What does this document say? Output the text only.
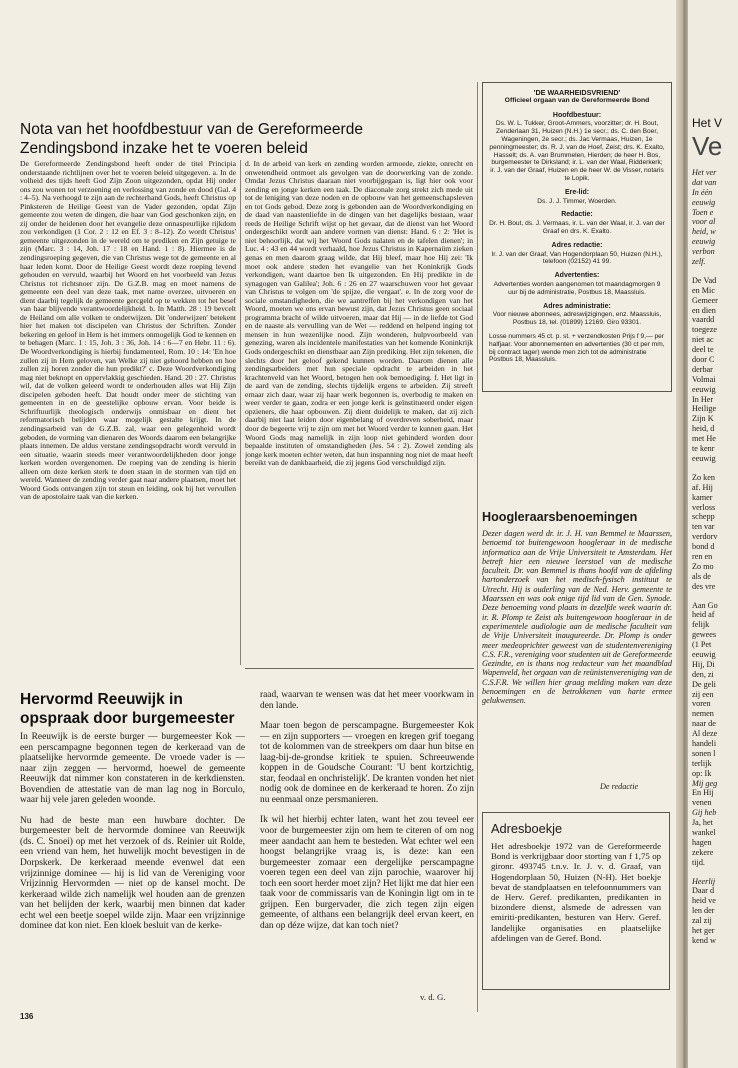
Nota van het hoofdbestuur van de Gereformeerde Zendingsbond inzake het te voeren beleid

De Gereformeerde Zendingsbond heeft onder de titel Principia onderstaande richtlijnen over het te voeren beleid uitgegeven. a. In de volheid des tijds heeft God Zijn Zoon uitgezonden, opdat Hij onder ons zou wonen tot verzoening en verlossing van zonde en dood (Gal. 4 : 4–5). Na verhoogd te zijn aan de rechterhand Gods, heeft Christus op Pinksteren de Heilige Geest van de Vader gezonden, opdat Zijn gemeente zou weten de dingen, die haar van God geschonken zijn, en zij onder de heidenen door het evangelie deze onnaspeurlijke rijkdom zou verkondigen (1 Cor. 2 : 12 en Ef. 3 : 8–12). Zo wordt Christus' gemeente uitgezonden in de wereld om te prediken en Zijn getuige te zijn (Marc. 3 : 14, Joh. 17 : 18 en Hand. 1 : 8). Hiermee is de zendingsroeping gegeven, die van Christus wege tot de gemeente en al haar leden komt. Door de Heilige Geest wordt deze roeping levend gehouden en vervuld, waarbij het Woord en het voorbeeld van Jezus Christus tot richtsnoer zijn. De G.Z.B. mag en moet namens de gemeente een deel van deze taak, met name overzee, uitvoeren en dient daarbij tegelijk de gemeente gercgeld op te wekken tot het besef van haar blijvende verantwoordelijkheid. b. In Matth. 28 : 19 bevcelt de Heiland om alle volken te onderwijzen. Dit 'onderwijzen' betekent hier het maken tot discipelen van Christus der Schriften. Zonder bekering en geloof in Hem is het immers onmogelijk God te kennen en te behagen (Marc. 1 : 15, Joh. 3 : 36, Joh. 14 : 6—7 en Hebr. 11 : 6). De Woordverkondiging is hierbij fundamenteel, Rom. 10 : 14: 'En hoe zullen zij in Hem geloven, van Welke zij niet gehoord hebben en hoe zullen zij horen zonder die hun predikt?' c. Deze Woordverkondiging mag niet beknopt en oppervlakkig geschieden. Hand. 20 : 27. Christus wil, dat de volken geleerd wordt te onderhouden alles wat Hij Zijn discipelen geboden heeft. Dat houdt onder meer de stichting van gemeenten in en de geestelijke opbouw ervan. Voor beide is Schriftuurlijk theologisch onderwijs onmisbaar en dient het reformatorisch belijden waar mogelijk gestalte krijgt. In de zendingsarbeid van de G.Z.B. zal, waar een gelegenheid wordt geboden, de vorming van dienaren des Woords daarom een belangrijke plaats innemen. De aldus verstane zendingsopdracht wordt vervuld in een situatie, waarin steeds meer verantwoordelijkheden door jonge kerken worden overgenomen. De roeping van de zending is hierin alleen om deze kerken sterk te doen staan in de stormen van tijd en wereld. Wanneer de zending verder gaat naar andere plaatsen, moet het Woord Gods ontvangen zijn tot steun en leiding, ook bij het vervullen van de apostolaire taak van die kerken.

d. In de arbeid van kerk en zending worden armoede, ziekte, onrecht en onwetendheid ontmoet als gevolgen van de doorwerking van de zonde. Omdat Jezus Christus daaraan niet voorbijgegaan is, ligt hier ook voor zending en jonge kerken een taak. De diaconale zorg strekt zich mede uit tot de leniging van deze noden en de opbouw van het gemeenschapsleven en tot Gods gebod. Deze zorg is gebonden aan de Woordverkondiging en de daad van naastenliefde in de dingen van het dagelijks bestaan, waar reeds de Heilige Schrift wijst op het gevaar, dat de dienst van het Woord ondergeschikt wordt aan andere vormen van dienst: Hand. 6 : 2: 'Het is niet behoorlijk, dat wij het Woord Gods nalaten en de tafelen dienen'; in Luc. 4 : 43 en 44 wordt verhaald, hoe Jezus Christus in Kapernaüm zieken genas en men daarom graag wilde, dat Hij bleef, maar hoe Hij zei: 'Ik moet ook andere steden het evangelie van het Koninkrijk Gods verkondigen, want daartoe ben Ik uitgezonden. En Hij predikte in de synagogen van Galilea'; Joh. 6 : 26 en 27 waarschuwen voor het gevaar van Christus te volgen om 'de spijze, die vergaat'. e. In de zorg voor de sociale omstandigheden, die we aantreffen bij het verkondigen van het Woord, moeten we ons ervan bewust zijn, dat Jezus Christus geen sociaal programma bracht of wilde uitvoeren, maar dat Hij — in de liefde tot God en de naaste als vervulling van de Wet — reddend en helpend inging tot mensen in hun wezenlijke nood. Zijn wonderen, hulpvoorbeeld van genezing, waren als incidentele manifestaties van het komende Koninkrijk Gods ondergeschikt en dienstbaar aan Zijn prediking. Het zijn tekenen, die slechts door het geloof gekend kunnen worden. Daarom dienen alle zendingsarbeiders met hun speciale opdracht te arbeiden in het krachtenveld van het Woord, betogen hen ook bemoediging. f. Het ligt in de aard van de zending, slechts tijdelijk ergens te arbeiden. Zij streeft ernaar zich daar, waar zij haar werk begonnen is, overbodig te maken en weer verder te gaan, zodra er een jonge kerk is geïnstitueerd onder eigen opzieners, die haar opbouwen. Zij dient duidelijk te maken, dat zij zich daarbij niet laat leiden door eigenbelang of overdreven soberheid, maar door de begeerte vrij te zijn om met het Woord verder te kunnen gaan. Het Woord Gods mag namelijk in zijn loop niet gehinderd worden door bepaalde instituten of omstandigheden (Jes. 54 : 2). Zowel zending als jonge kerk moeten echter weten, dat hun inspanning nog niet de maat heeft bereikt van de dankbaarheid, die zij jegens God verschuldigd zijn.

Hervormd Reeuwijk in opspraak door burgemeester

In Reeuwijk is de eerste burger — burgemeester Kok — een perscampagne begonnen tegen de kerkeraad van de plaatselijke hervormde gemeente. De vroede vader is — naar zijn zeggen — hervormd, hoewel de gemeente Reeuwijk dat nimmer kon constateren in de kerkdiensten. Bovendien de attestatie van de man lag nog in Borculo, waar hij vele jaren geleden woonde.

Nu had de beste man een huwbare dochter. De burgemeester belt de hervormde dominee van Reeuwijk (ds. C. Snoei) op met het verzoek of ds. Reinier uit Rolde, een vriend van hem, het huwelijk mocht bevestigen in de Dorpskerk. De kerkeraad meende evenwel dat een vrijzinnige dominee — hij is lid van de Vereniging voor Vrijzinnig Hervormden — niet op de kansel mocht. De kerkeraad wilde zich namelijk wel houden aan de grenzen van het belijden der kerk, waarbij men binnen dat kader echt wel een beetje soepel wilde zijn. Maar een vrijzinnige dominee dat kon niet. Een kloek besluit van de kerke-

raad, waarvan te wensen was dat het meer voorkwam in den lande.

Maar toen begon de perscampagne. Burgemeester Kok — en zijn supporters — vroegen en kregen grif toegang tot de kolommen van de streekpers om daar hun bitse en laag-bij-de-grondse kritiek te spuien. Schreeuwende koppen in de Goudsche Courant: 'U bent kortzichtig, star, feodaal en onchristelijk'. De kranten vonden het niet nodig ook de dominee en de kerkeraad te horen. Zo zijn nu eenmaal onze persmanieren.

Ik wil het hierbij echter laten, want het zou teveel eer voor de burgemeester zijn om hem te citeren of om nog meer aandacht aan hem te besteden. Wat echter wel een hoogst belangrijke vraag is, is deze: kan een burgemeester zomaar een dergelijke perscampagne voeren tegen een deel van zijn parochie, waarover hij toch een soort herder moet zijn? Het lijkt me dat hier een taak voor de commissaris van de Koningin ligt om in te grijpen. Een burgervader, die zich tegen zijn eigen gemeente, of althans een belangrijk deel ervan keert, en dan op déze wijze, dat kan toch niet?

v. d. G.
136
'DE WAARHEIDSVRIEND'
Officieel orgaan van de Gereformeerde Bond
Hoofdbestuur:

Ds. W. L. Tukker, Groot-Ammers, voorzitter; dr. H. Bout, Zenderlaan 31, Huizen (N.H.) 1e secr.; ds. C. den Boer, Wageningen, 2e secr.; ds. Jac Vermaas, Huizen, 1e penningmeester; ds. R. J. van de Hoef, Zeist; drs. K. Exalto, Hasselt; ds. A. van Brummelen, Hierden; de heer H. Bos, burgemeester te Dirksland; ir. L. van der Waal, Ridderkerk; ir. J. van der Graaf, Huizen en de heer W. de Visser, notaris te Lopik.

Ere-lid:

Ds. J. J. Timmer, Woerden.

Redactie:

Dr. H. Bout, ds. J. Vermaas, ir. L. van der Waal, ir. J. van der Graaf en drs. K. Exalto.

Adres redactie:

Ir. J. van der Graaf, Van Hogendorplaan 50, Huizen (N.H.), telefoon (02152) 41 99.

Advertenties:

Advertenties worden aangenomen tot maandagmorgen 9 uur bij de administratie, Postbus 18, Maassluis.

Adres administratie:

Voor nieuwe abonnees, adreswijzigingen, enz. Maassluis, Postbus 18, tel. (01899) 12169. Giro 93301.

Losse nummers 45 ct. p. st. + verzendkosten Prijs f 9,— per halfjaar. Voor abonnementen en advertenties (30 ct per mm, bij contract lager) wende men zich tot de administratie Postbus 18, Maassluis.

Hoogleraarsbenoemingen

Dezer dagen werd dr. ir. J. H. van Bemmel te Maarssen, benoemd tot buitengewoon hoogleraar in de medische informatica aan de Vrije Universiteit te Amsterdam. Het betreft hier een nieuwe leerstoel van de medische faculteit. Dr. van Bemmel is thans hoofd van de afdeling hartonderzoek van het medisch-fysisch instituut te Utrecht. Hij is ouderling van de Ned. Herv. gemeente te Maarssen en was ook enige tijd lid van de Gen. Synode. Deze benoeming vond plaats in dezelfde week waarin dr. ir. R. Plomp te Zeist als buitengewoon hoogleraar in de experimentele audiologie aan de medische faculteit van de Vrije Universiteit inaugureerde. Dr. Plomp is onder meer medeoprichter geweest van de studentenvereniging C.S. F.R., vereniging voor studenten uit de Gereformeerde Gezindte, en is thans nog redacteur van het maandblad Wapenveld, het orgaan van de reünistenvereniging van de C.S.F.R. We willen hier graag melding maken van deze benoemingen en de betrokkenen van harte ermee gelukwensen.

De redactie
Adresboekje

Het adresboekje 1972 van de Gereformeerde Bond is verkrijgbaar door storting van f 1,75 op gironr. 493745 t.n.v. Ir. J. v. d. Graaf, van Hogendorplaan 50, Huizen (N-H). Het boekje bevat de standplaatsen en telefoonnummers van de Herv. Geref. predikanten, predikanten in bizondere dienst, alsmede de adressen van emiriti-predikanten, besturen van Herv. Geref. landelijke organisaties en plaatselijke afdelingen van de Geref. Bond.

Het V
Ve
Het ver
dat van
In één
eeuwig
Toen e
voor al
heid, w
eeuwig
verbon
zelf.
De Vad
en Mic
Gemeer
en dien
vaardd
toegeze
niet ac
deel te
door C
derbar
Volmai
eeuwig
In Her
Heilige
Zijn K
heid, d
met He
te kenr
eeuwig
Zo ken
af. Hij
kamer
verloss
schepp
ten var
verdorv
bond d
ren en
Zo mo
als de
des vre
Aan Go
heid af
felijk
gewees
(1 Pet
eeuwig
Hij, Di
den, zi
De geli
zij een
voren
nemen
naar de
Al deze
handeli
sonen l
terlijk
op: Ik
Mij geg
En Hij
venen
Gij heb
Ja, het
wankel
hagen
zekere
tijd.
Heerlij
Daar d
heid ve
len der
zal zij
het ger
kend w
